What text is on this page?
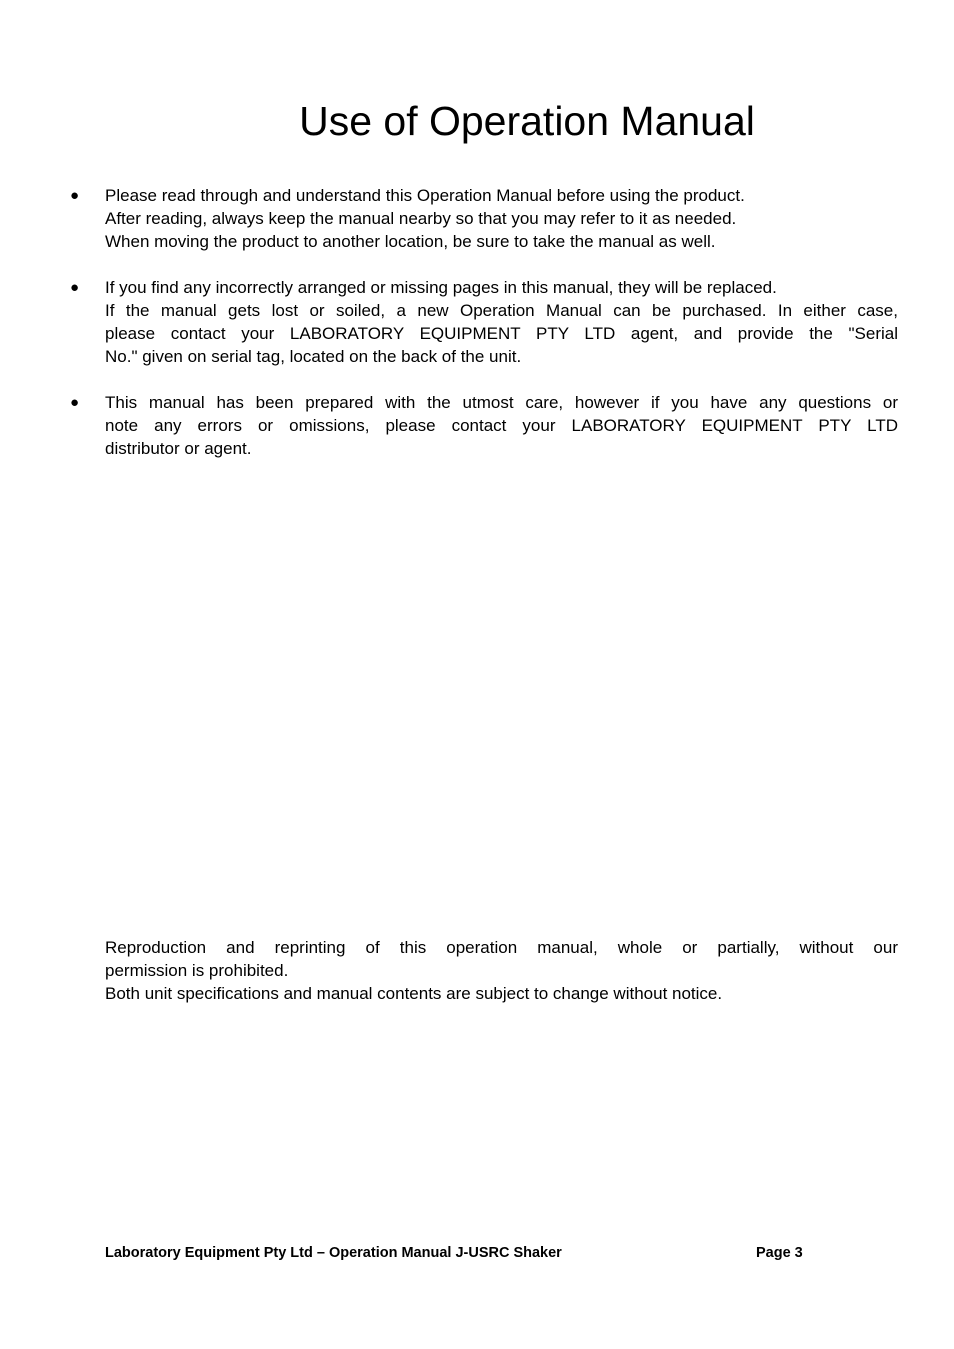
Use of Operation Manual
● Please read through and understand this Operation Manual before using the product.
After reading, always keep the manual nearby so that you may refer to it as needed.
When moving the product to another location, be sure to take the manual as well.
● If you find any incorrectly arranged or missing pages in this manual, they will be replaced.
If the manual gets lost or soiled, a new Operation Manual can be purchased. In either case,
please contact your LABORATORY EQUIPMENT PTY LTD agent, and provide the "Serial
No." given on serial tag, located on the back of the unit.
● This manual has been prepared with the utmost care, however if you have any questions or
note any errors or omissions, please contact your LABORATORY EQUIPMENT PTY LTD
distributor or agent.
Reproduction and reprinting of this operation manual, whole or partially, without our
permission is prohibited.
Both unit specifications and manual contents are subject to change without notice.
Laboratory Equipment Pty Ltd – Operation Manual J-USRC Shaker	Page 3
